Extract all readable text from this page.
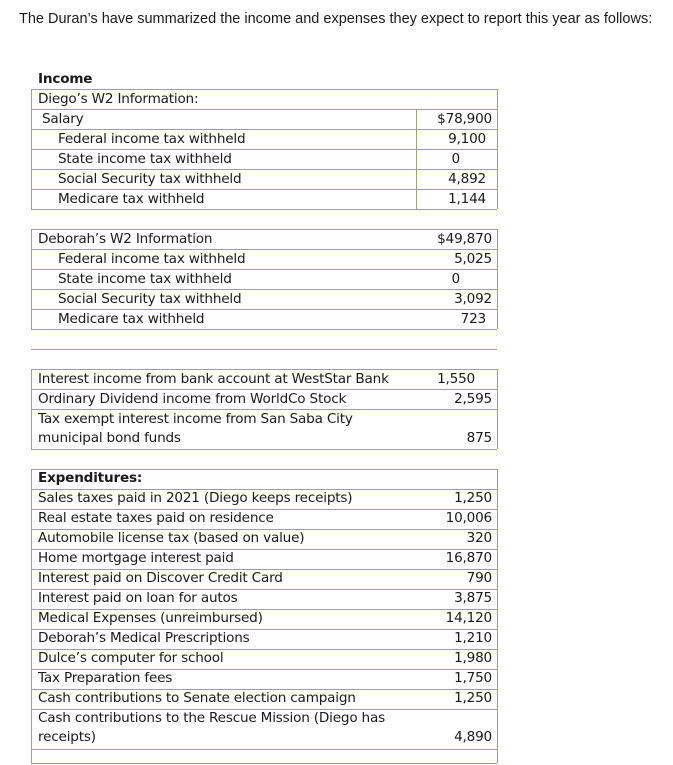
The Duran’s have summarized the income and expenses they expect to report this year as follows:
Income
Diego’s W2 Information:
Salary	$78,900
Federal income tax withheld	9,100
State income tax withheld	0
Social Security tax withheld	4,892
Medicare tax withheld	1,144
Deborah’s W2 Information	$49,870
Federal income tax withheld	5,025
State income tax withheld	0
Social Security tax withheld	3,092
Medicare tax withheld	723
Interest income from bank account at WestStar Bank	1,550
Ordinary Dividend income from WorldCo Stock	2,595
Tax exempt interest income from San Saba City
municipal bond funds	875
Expenditures:
Sales taxes paid in 2021 (Diego keeps receipts)	1,250
Real estate taxes paid on residence	10,006
Automobile license tax (based on value)	320
Home mortgage interest paid	16,870
Interest paid on Discover Credit Card	790
Interest paid on loan for autos	3,875
Medical Expenses (unreimbursed)	14,120
Deborah’s Medical Prescriptions	1,210
Dulce’s computer for school	1,980
Tax Preparation fees	1,750
Cash contributions to Senate election campaign	1,250
Cash contributions to the Rescue Mission (Diego has
receipts)	4,890
